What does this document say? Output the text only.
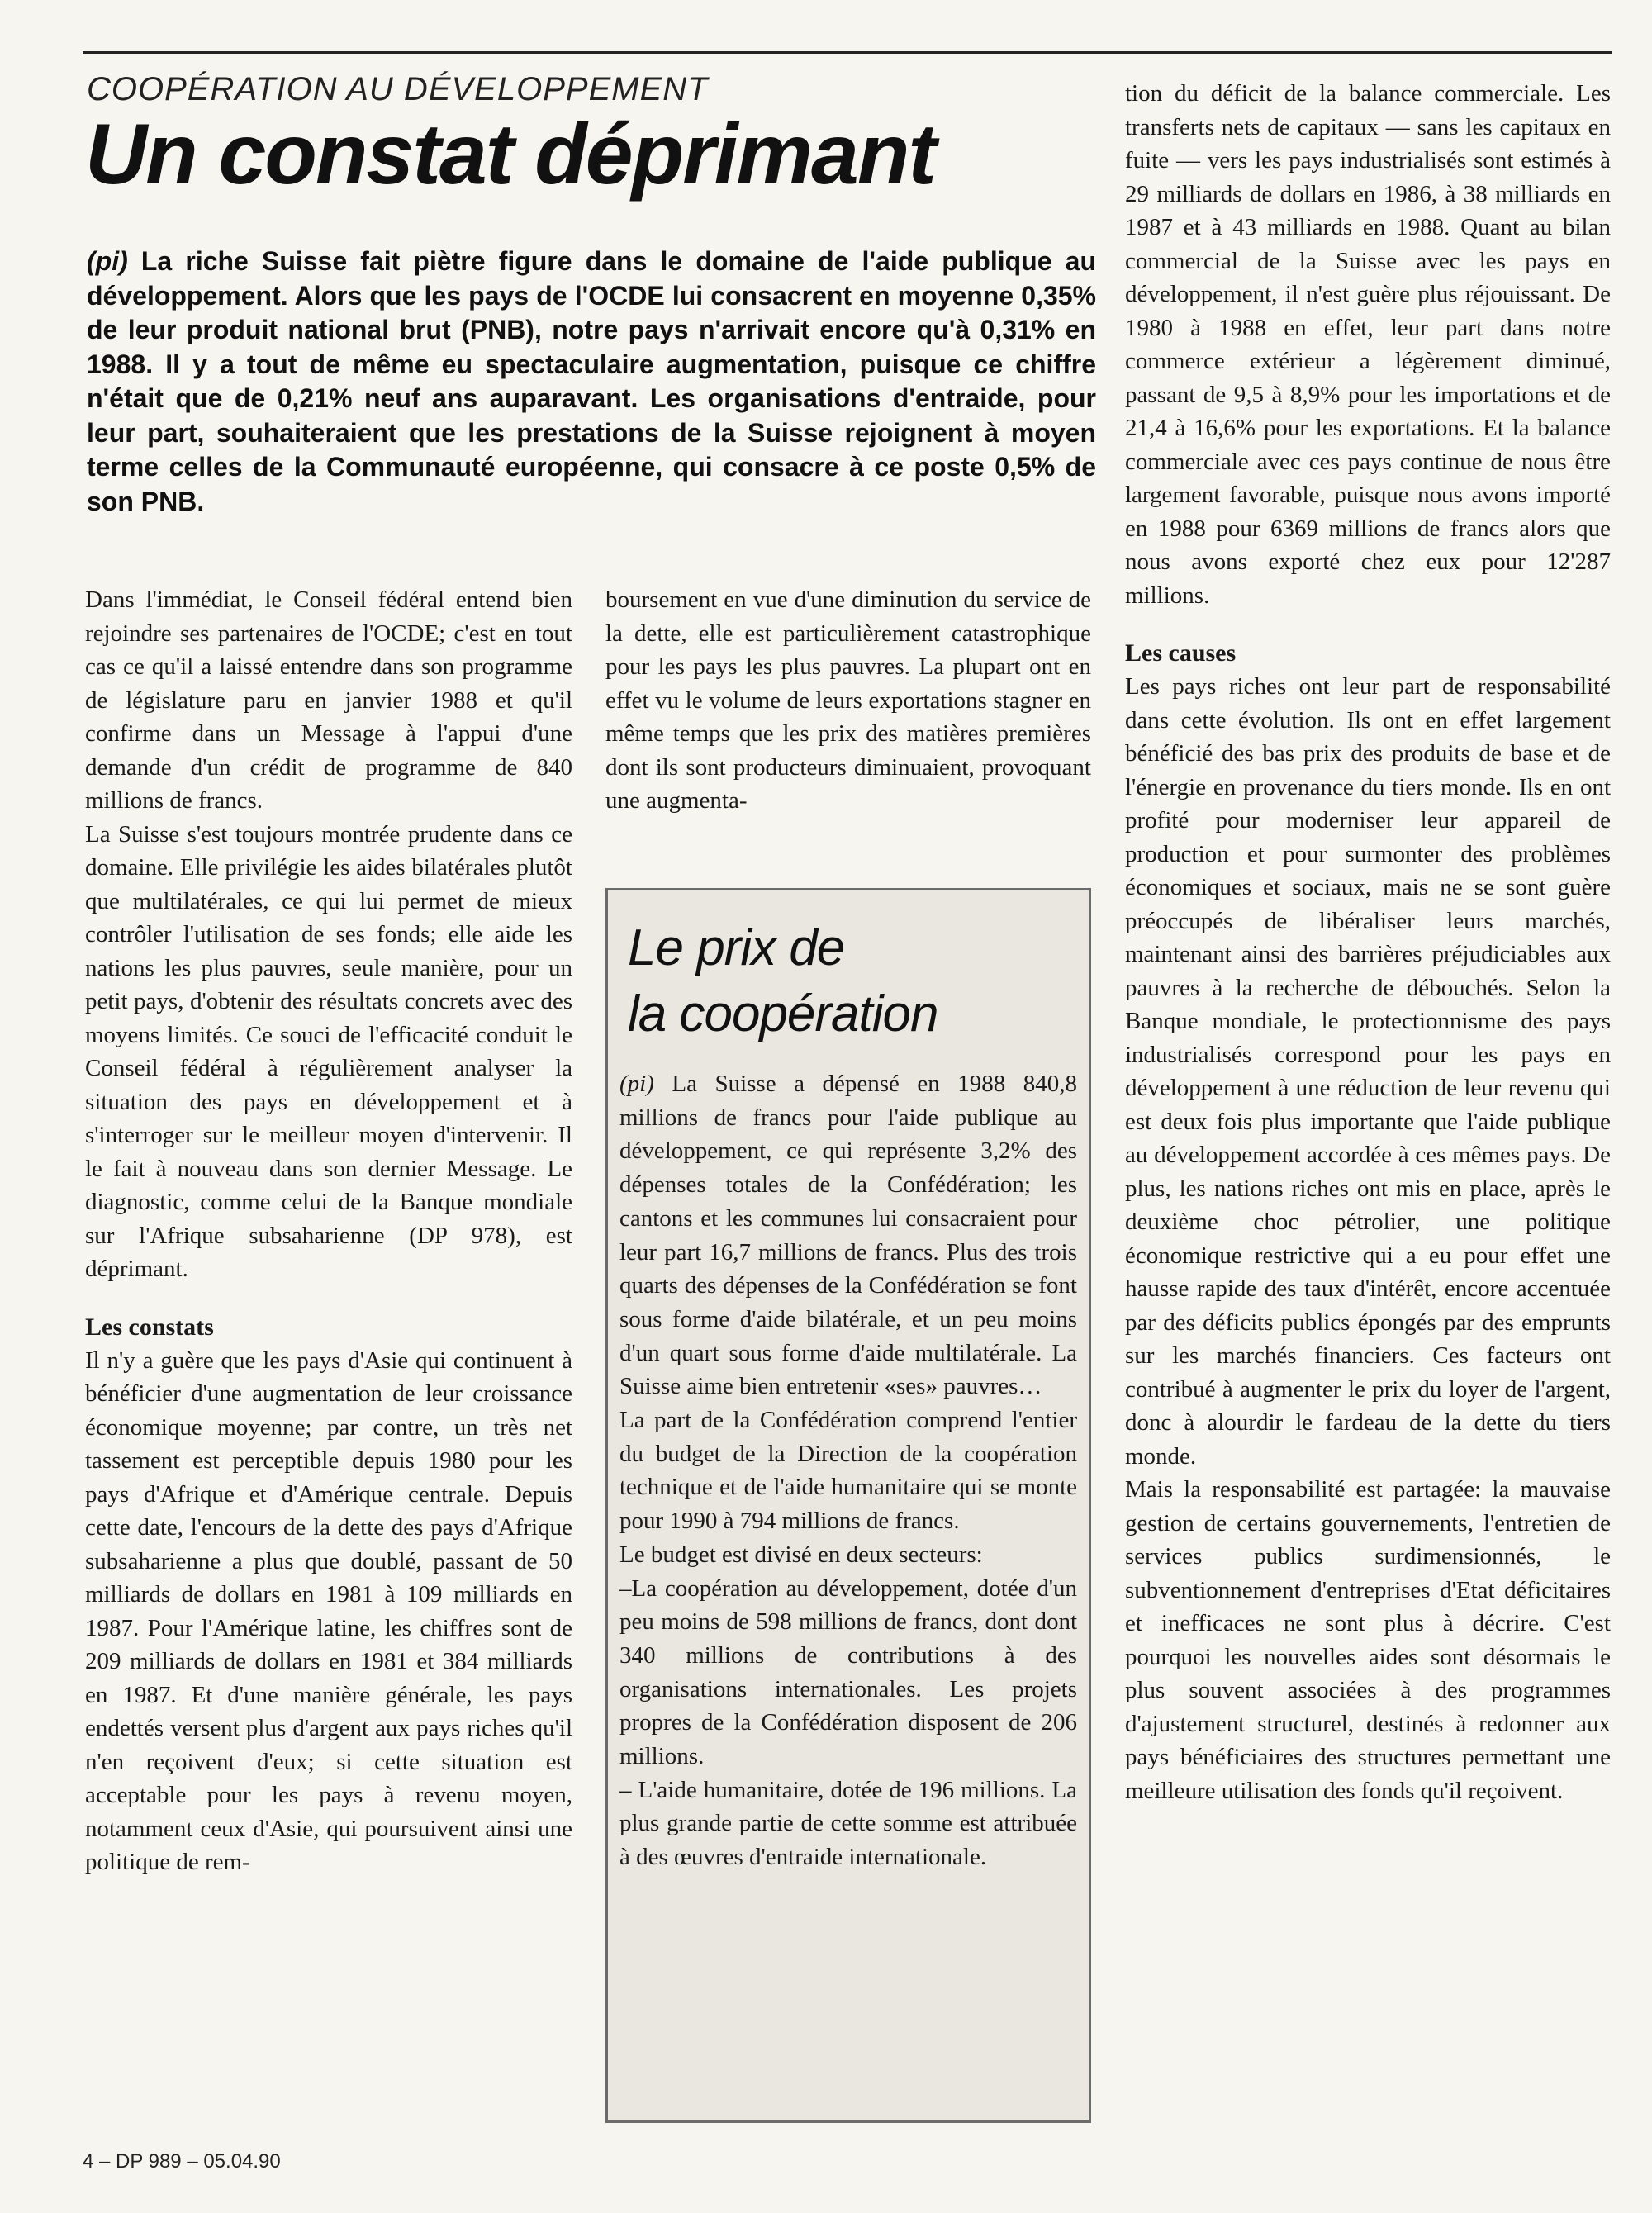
COOPÉRATION AU DÉVELOPPEMENT
Un constat déprimant

(pi) La riche Suisse fait piètre figure dans le domaine de l'aide publique au développement. Alors que les pays de l'OCDE lui consacrent en moyenne 0,35% de leur produit national brut (PNB), notre pays n'arrivait encore qu'à 0,31% en 1988. Il y a tout de même eu spectaculaire augmentation, puisque ce chiffre n'était que de 0,21% neuf ans auparavant. Les organisations d'entraide, pour leur part, souhaiteraient que les prestations de la Suisse rejoignent à moyen terme celles de la Communauté européenne, qui consacre à ce poste 0,5% de son PNB.

Dans l'immédiat, le Conseil fédéral entend bien rejoindre ses partenaires de l'OCDE; c'est en tout cas ce qu'il a laissé entendre dans son programme de législature paru en janvier 1988 et qu'il confirme dans un Message à l'appui d'une demande d'un crédit de programme de 840 millions de francs.

La Suisse s'est toujours montrée prudente dans ce domaine. Elle privilégie les aides bilatérales plutôt que multilatérales, ce qui lui permet de mieux contrôler l'utilisation de ses fonds; elle aide les nations les plus pauvres, seule manière, pour un petit pays, d'obtenir des résultats concrets avec des moyens limités. Ce souci de l'efficacité conduit le Conseil fédéral à régulièrement analyser la situation des pays en développement et à s'interroger sur le meilleur moyen d'intervenir. Il le fait à nouveau dans son dernier Message. Le diagnostic, comme celui de la Banque mondiale sur l'Afrique subsaharienne (DP 978), est déprimant.

Les constats

Il n'y a guère que les pays d'Asie qui continuent à bénéficier d'une augmentation de leur croissance économique moyenne; par contre, un très net tassement est perceptible depuis 1980 pour les pays d'Afrique et d'Amérique centrale. Depuis cette date, l'encours de la dette des pays d'Afrique subsaharienne a plus que doublé, passant de 50 milliards de dollars en 1981 à 109 milliards en 1987. Pour l'Amérique latine, les chiffres sont de 209 milliards de dollars en 1981 et 384 milliards en 1987. Et d'une manière générale, les pays endettés versent plus d'argent aux pays riches qu'il n'en reçoivent d'eux; si cette situation est acceptable pour les pays à revenu moyen, notamment ceux d'Asie, qui poursuivent ainsi une politique de rem-

boursement en vue d'une diminution du service de la dette, elle est particulièrement catastrophique pour les pays les plus pauvres. La plupart ont en effet vu le volume de leurs exportations stagner en même temps que les prix des matières premières dont ils sont producteurs diminuaient, provoquant une augmenta-

Le prix de
la coopération

(pi) La Suisse a dépensé en 1988 840,8 millions de francs pour l'aide publique au développement, ce qui représente 3,2% des dépenses totales de la Confédération; les cantons et les communes lui consacraient pour leur part 16,7 millions de francs. Plus des trois quarts des dépenses de la Confédération se font sous forme d'aide bilatérale, et un peu moins d'un quart sous forme d'aide multilatérale. La Suisse aime bien entretenir «ses» pauvres…

La part de la Confédération comprend l'entier du budget de la Direction de la coopération technique et de l'aide humanitaire qui se monte pour 1990 à 794 millions de francs.

Le budget est divisé en deux secteurs:

–La coopération au développement, dotée d'un peu moins de 598 millions de francs, dont dont 340 millions de contributions à des organisations internationales. Les projets propres de la Confédération disposent de 206 millions.

– L'aide humanitaire, dotée de 196 millions. La plus grande partie de cette somme est attribuée à des œuvres d'entraide internationale.

tion du déficit de la balance commerciale. Les transferts nets de capitaux — sans les capitaux en fuite — vers les pays industrialisés sont estimés à 29 milliards de dollars en 1986, à 38 milliards en 1987 et à 43 milliards en 1988. Quant au bilan commercial de la Suisse avec les pays en développement, il n'est guère plus réjouissant. De 1980 à 1988 en effet, leur part dans notre commerce extérieur a légèrement diminué, passant de 9,5 à 8,9% pour les importations et de 21,4 à 16,6% pour les exportations. Et la balance commerciale avec ces pays continue de nous être largement favorable, puisque nous avons importé en 1988 pour 6369 millions de francs alors que nous avons exporté chez eux pour 12'287 millions.

Les causes

Les pays riches ont leur part de responsabilité dans cette évolution. Ils ont en effet largement bénéficié des bas prix des produits de base et de l'énergie en provenance du tiers monde. Ils en ont profité pour moderniser leur appareil de production et pour surmonter des problèmes économiques et sociaux, mais ne se sont guère préoccupés de libéraliser leurs marchés, maintenant ainsi des barrières préjudiciables aux pauvres à la recherche de débouchés. Selon la Banque mondiale, le protectionnisme des pays industrialisés correspond pour les pays en développement à une réduction de leur revenu qui est deux fois plus importante que l'aide publique au développement accordée à ces mêmes pays. De plus, les nations riches ont mis en place, après le deuxième choc pétrolier, une politique économique restrictive qui a eu pour effet une hausse rapide des taux d'intérêt, encore accentuée par des déficits publics épongés par des emprunts sur les marchés financiers. Ces facteurs ont contribué à augmenter le prix du loyer de l'argent, donc à alourdir le fardeau de la dette du tiers monde.

Mais la responsabilité est partagée: la mauvaise gestion de certains gouvernements, l'entretien de services publics surdimensionnés, le subventionnement d'entreprises d'Etat déficitaires et inefficaces ne sont plus à décrire. C'est pourquoi les nouvelles aides sont désormais le plus souvent associées à des programmes d'ajustement structurel, destinés à redonner aux pays bénéficiaires des structures permettant une meilleure utilisation des fonds qu'il reçoivent.

4 – DP 989 – 05.04.90
